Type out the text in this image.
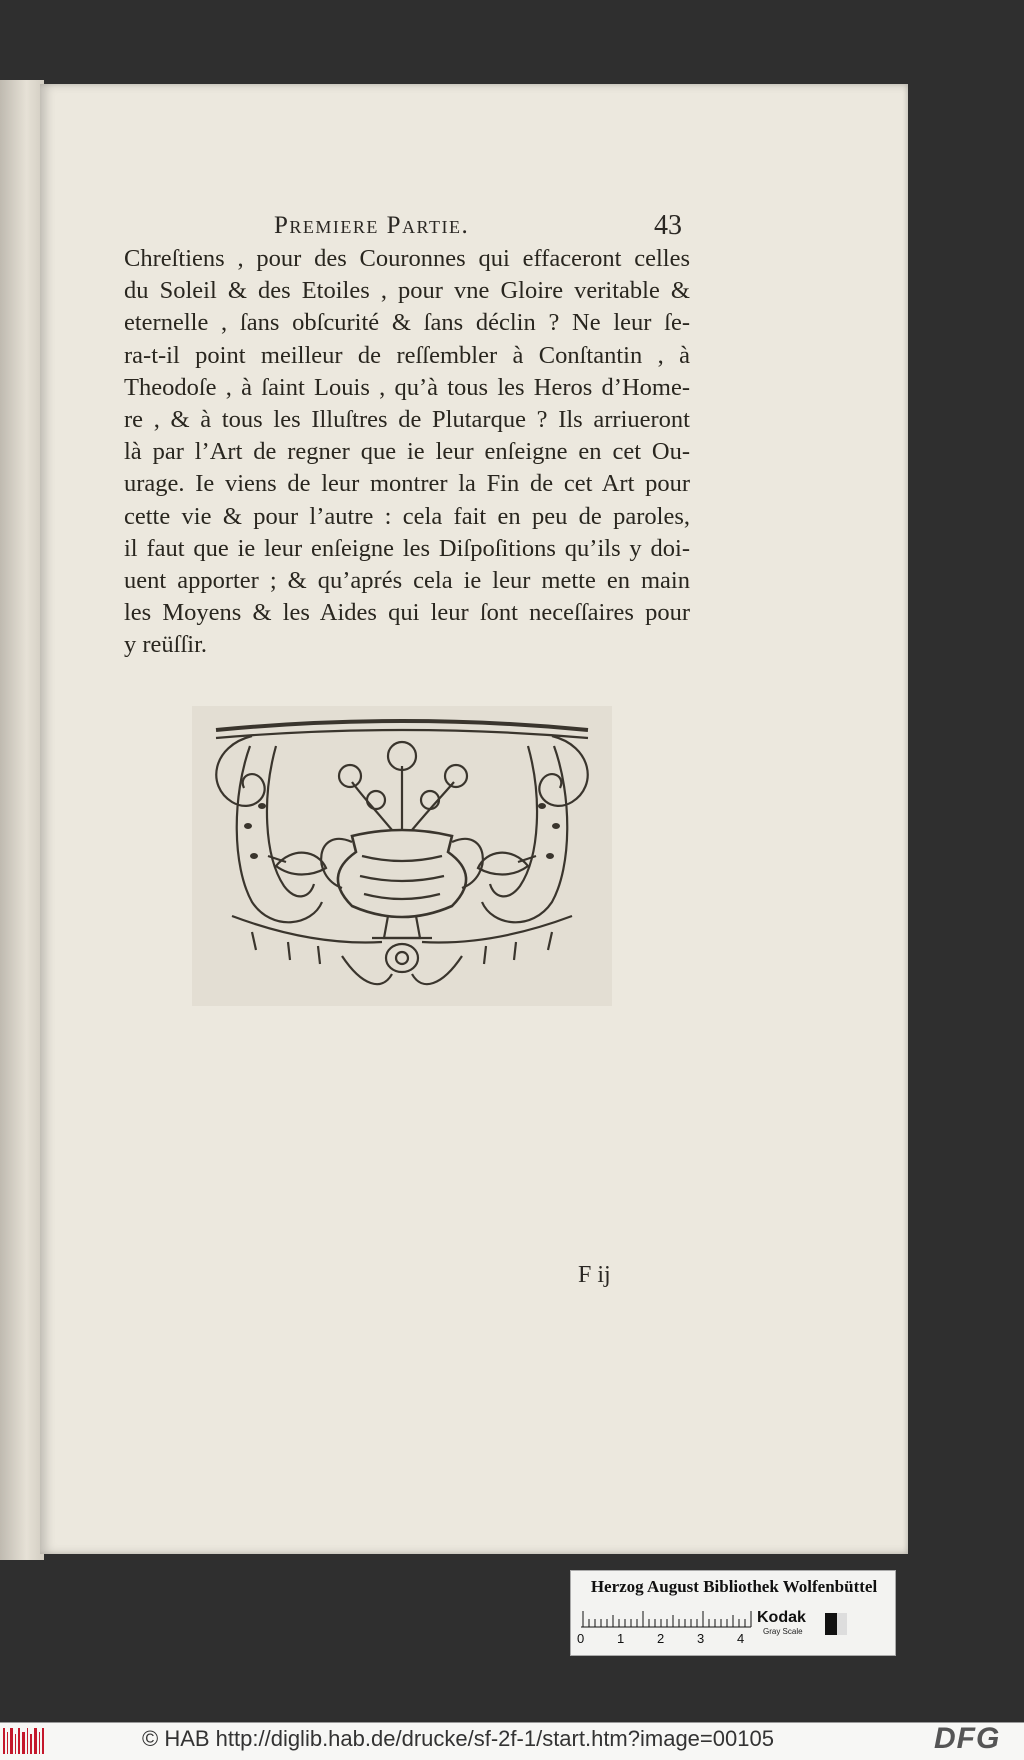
Premiere Partie.	43
Chreſtiens , pour des Couronnes qui effaceront celles
du Soleil & des Etoiles , pour vne Gloire veritable &
eternelle , ſans obſcurité & ſans déclin ? Ne leur ſe-
ra-t-il point meilleur de reſſembler à Conſtantin , à
Theodoſe , à ſaint Louis , qu’à tous les Heros d’Home-
re , & à tous les Illuſtres de Plutarque ? Ils arriueront
là par l’Art de regner que ie leur enſeigne en cet Ou-
urage. Ie viens de leur montrer la Fin de cet Art pour
cette vie & pour l’autre : cela fait en peu de paroles,
il faut que ie leur enſeigne les Diſpoſitions qu’ils y doi-
uent apporter ; & qu’aprés cela ie leur mette en main
les Moyens & les Aides qui leur ſont neceſſaires pour
y reüſſir.
F ij
Herzog August Bibliothek Wolfenbüttel
0	1	2	3	4
Kodak
Gray Scale
© HAB http://diglib.hab.de/drucke/sf-2f-1/start.htm?image=00105	DFG
